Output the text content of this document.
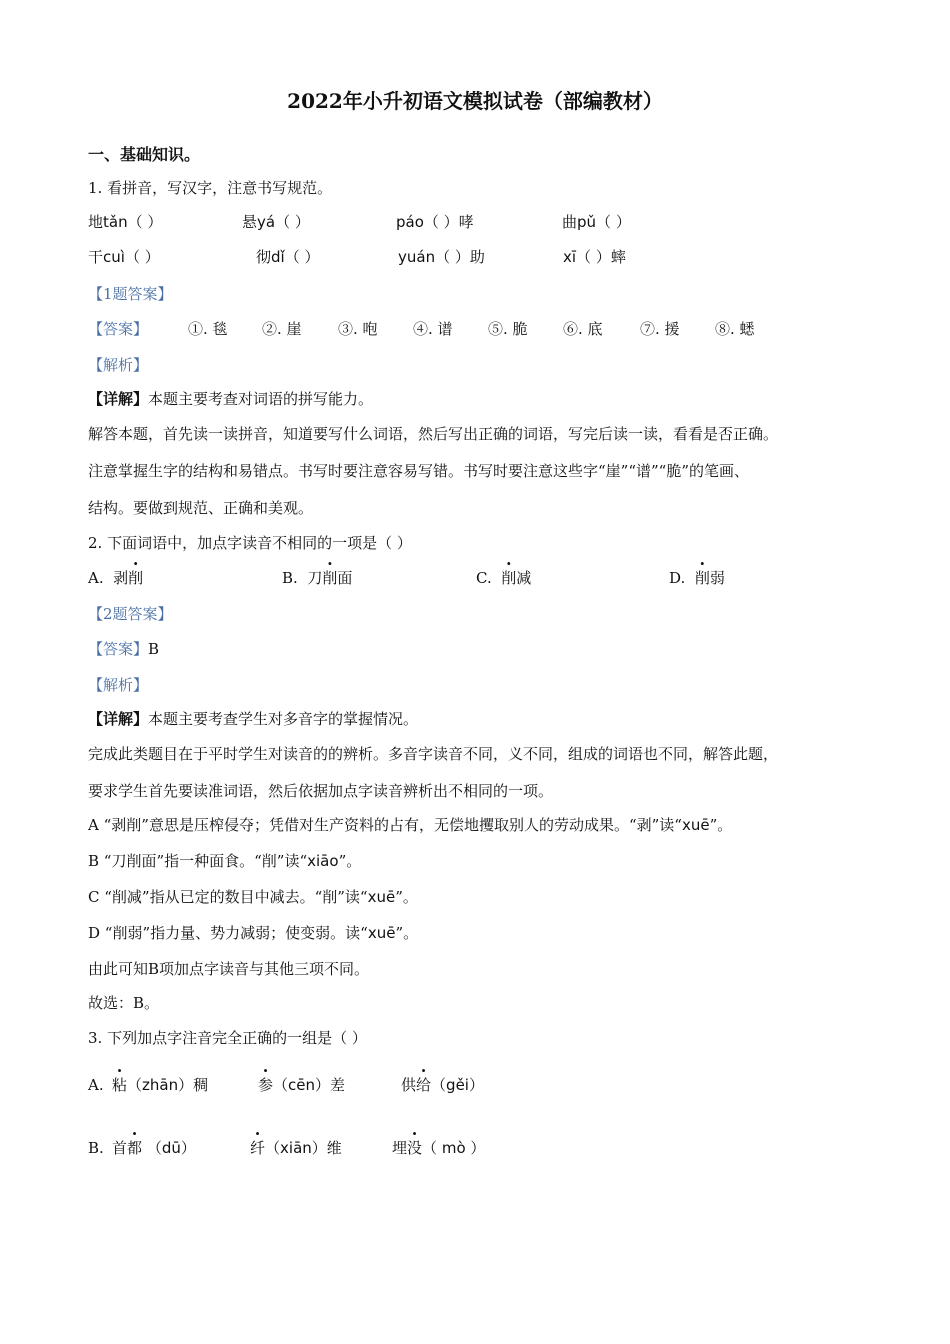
2022年小升初语文模拟试卷（部编教材）
一、基础知识。
1. 看拼音，写汉字，注意书写规范。
地tǎn（ ）	悬yá（ ）	páo（ ）哮	曲pǔ（ ）
干cuì（ ）	彻dǐ（ ）	yuán（ ）助	xī（ ）蟀
【1题答案】
【答案】	①. 毯 ②. 崖 ③. 咆 ④. 谱 ⑤. 脆 ⑥. 底 ⑦. 援 ⑧. 蟋
【解析】
【详解】本题主要考查对词语的拼写能力。
解答本题，首先读一读拼音，知道要写什么词语，然后写出正确的词语，写完后读一读，看看是否正确。
注意掌握生字的结构和易错点。书写时要注意容易写错。书写时要注意这些字“崖”“谱”“脆”的笔画、
结构。要做到规范、正确和美观。
2. 下面词语中，加点字读音不相同的一项是（ ）
A. 剥削	B. 刀削面	C. 削减	D. 削弱
【2题答案】
【答案】B
【解析】
【详解】本题主要考查学生对多音字的掌握情况。
完成此类题目在于平时学生对读音的的辨析。多音字读音不同，义不同，组成的词语也不同，解答此题，
要求学生首先要读准词语，然后依据加点字读音辨析出不相同的一项。
A “剥削”意思是压榨侵夺；凭借对生产资料的占有，无偿地攫取别人的劳动成果。“剥”读“xuē”。
B “刀削面”指一种面食。“削”读“xiāo”。
C “削减”指从已定的数目中减去。“削”读“xuē”。
D “削弱”指力量、势力减弱；使变弱。读“xuē”。
由此可知B项加点字读音与其他三项不同。
故选：B。
3. 下列加点字注音完全正确的一组是（ ）
A. 粘（zhān）稠	参（cēn）差	供给（gěi）
B. 首都 （dū）	纤（xiān）维	埋没（ mò ）
